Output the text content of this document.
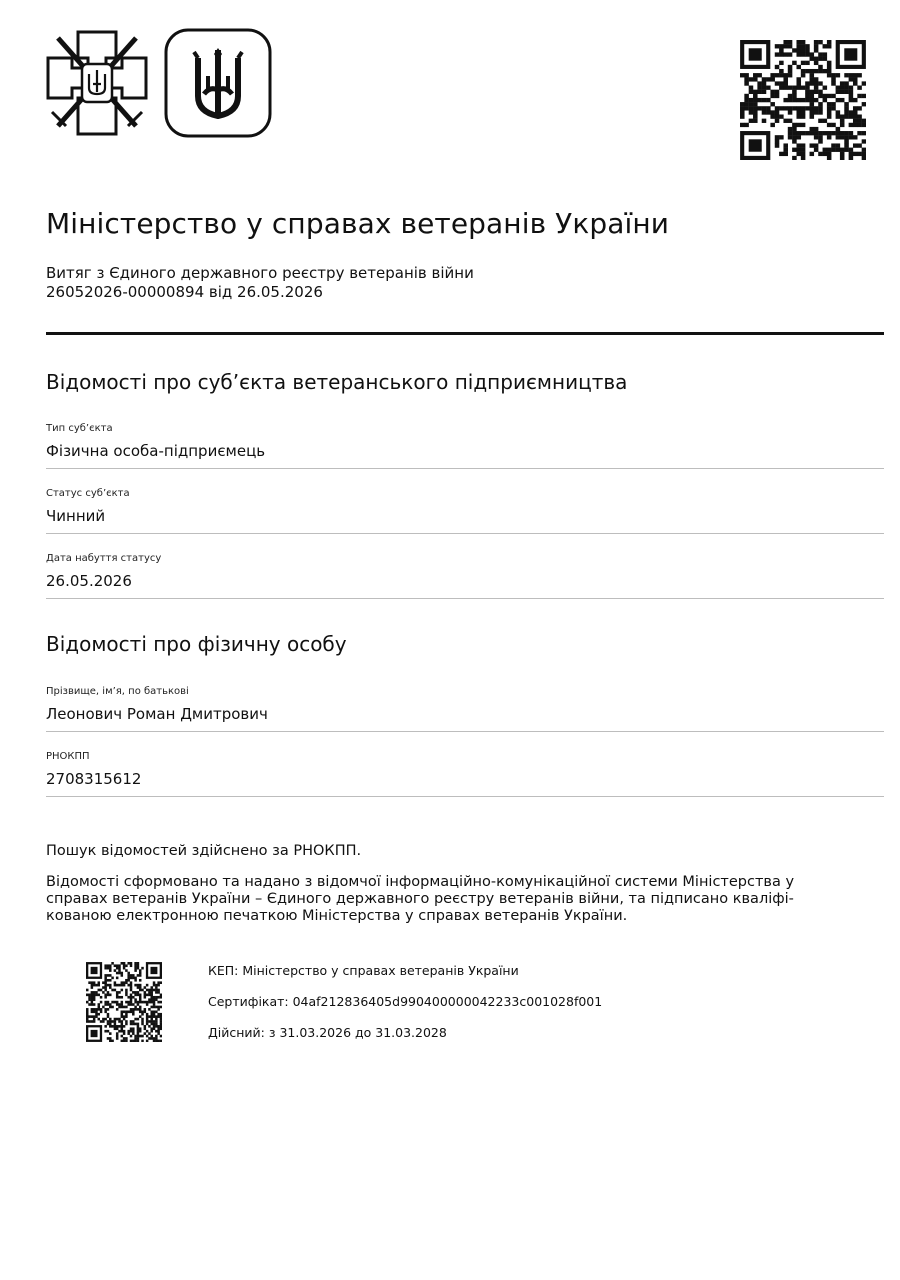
Міністерство у справах ветеранів України
Витяг з Єдиного державного реєстру ветеранів війни
26052026-00000894 від 26.05.2026
Відомості про суб’єкта ветеранського підприємництва
Тип суб’єкта
Фізична особа-підприємець
Статус суб’єкта
Чинний
Дата набуття статусу
26.05.2026
Відомості про фізичну особу
Прізвище, ім’я, по батькові
Леонович Роман Дмитрович
РНОКПП
2708315612
Пошук відомостей здійснено за РНОКПП.
Відомості сформовано та надано з відомчої інформаційно-комунікаційної системи Міністерства у
справах ветеранів України – Єдиного державного реєстру ветеранів війни, та підписано кваліфі-
кованою електронною печаткою Міністерства у справах ветеранів України.
КЕП: Міністерство у справах ветеранів України
Сертифікат: 04af212836405d990400000042233c001028f001
Дійсний: з 31.03.2026 до 31.03.2028
